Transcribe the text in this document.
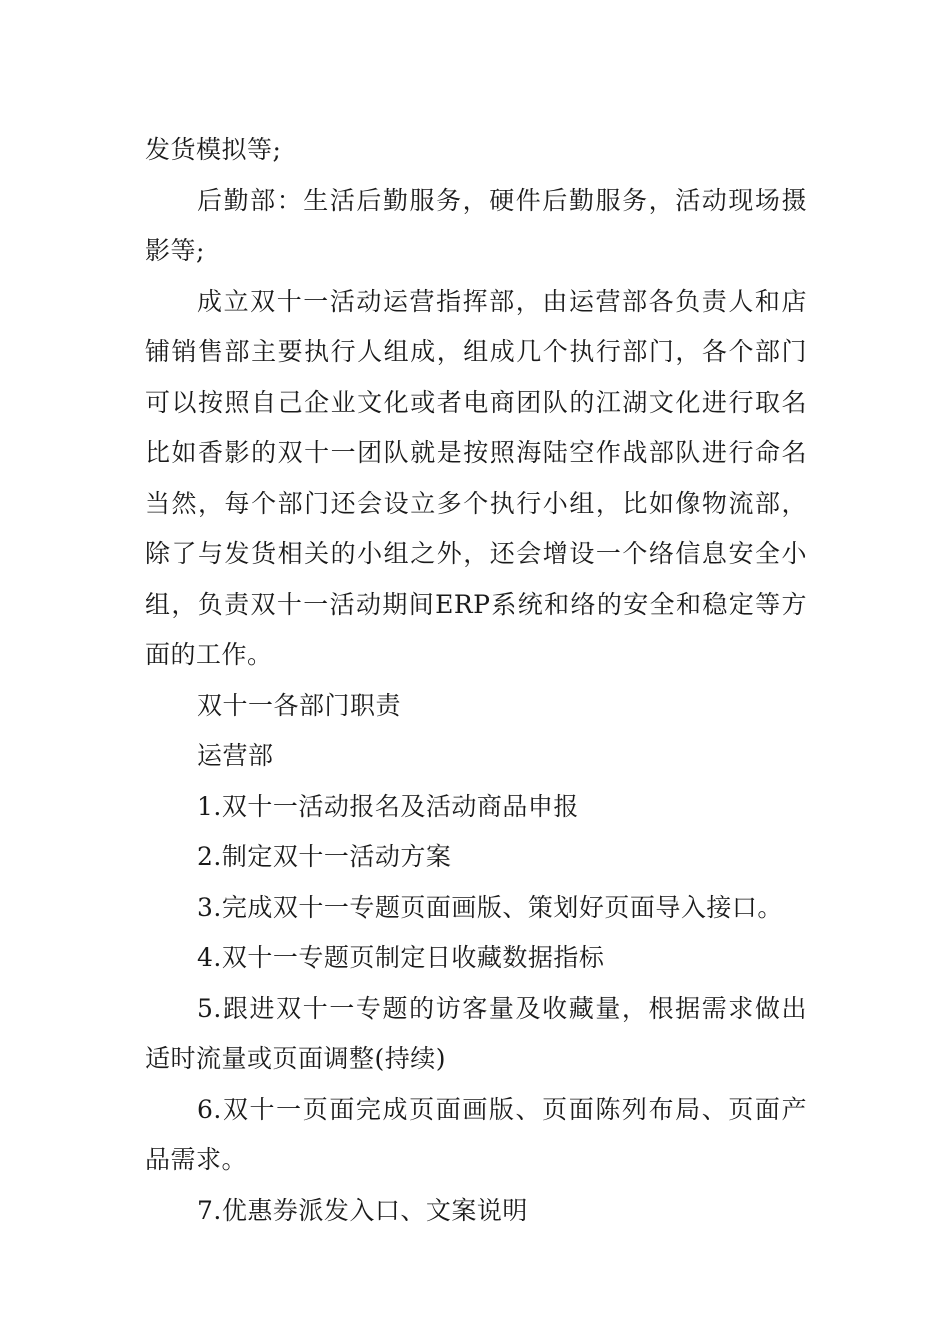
发货模拟等;

后勤部：生活后勤服务，硬件后勤服务，活动现场摄影等;

成立双十一活动运营指挥部，由运营部各负责人和店铺销售部主要执行人组成，组成几个执行部门，各个部门可以按照自己企业文化或者电商团队的江湖文化进行取名比如香影的双十一团队就是按照海陆空作战部队进行命名当然，每个部门还会设立多个执行小组，比如像物流部，除了与发货相关的小组之外，还会增设一个络信息安全小组，负责双十一活动期间ERP系统和络的安全和稳定等方面的工作。

双十一各部门职责

运营部

1.双十一活动报名及活动商品申报

2.制定双十一活动方案

3.完成双十一专题页面画版、策划好页面导入接口。

4.双十一专题页制定日收藏数据指标

5.跟进双十一专题的访客量及收藏量，根据需求做出适时流量或页面调整(持续)

6.双十一页面完成页面画版、页面陈列布局、页面产品需求。

7.优惠券派发入口、文案说明
